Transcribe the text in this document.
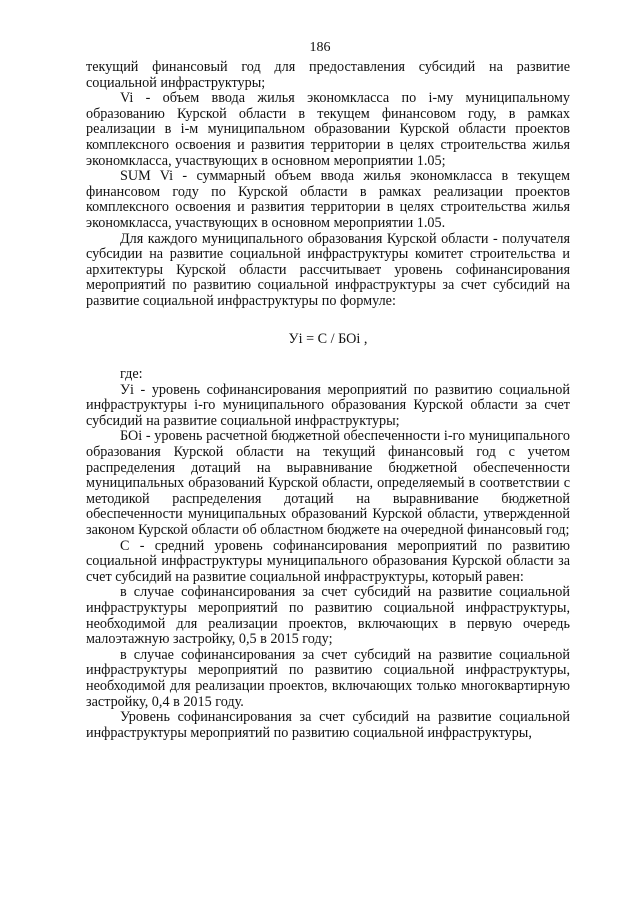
186

текущий финансовый год для предоставления субсидий на развитие социальной инфраструктуры;

Vi - объем ввода жилья экономкласса по i-му муниципальному образованию Курской области в текущем финансовом году, в рамках реализации в i-м муниципальном образовании Курской области проектов комплексного освоения и развития территории в целях строительства жилья экономкласса, участвующих в основном мероприятии 1.05;

SUM Vi - суммарный объем ввода жилья экономкласса в текущем финансовом году по Курской области в рамках реализации проектов комплексного освоения и развития территории в целях строительства жилья экономкласса, участвующих в основном мероприятии 1.05.

Для каждого муниципального образования Курской области - получателя субсидии на развитие социальной инфраструктуры комитет строительства и архитектуры Курской области рассчитывает уровень софинансирования мероприятий по развитию социальной инфраструктуры за счет субсидий на развитие социальной инфраструктуры по формуле:

Уi = С / БОi ,

где:

Уi - уровень софинансирования мероприятий по развитию социальной инфраструктуры i-го муниципального образования Курской области за счет субсидий на развитие социальной инфраструктуры;

БОi - уровень расчетной бюджетной обеспеченности i-го муниципального образования Курской области на текущий финансовый год с учетом распределения дотаций на выравнивание бюджетной обеспеченности муниципальных образований Курской области, определяемый в соответствии с методикой распределения дотаций на выравнивание бюджетной обеспеченности муниципальных образований Курской области, утвержденной законом Курской области об областном бюджете на очередной финансовый год;

С - средний уровень софинансирования мероприятий по развитию социальной инфраструктуры муниципального образования Курской области за счет субсидий на развитие социальной инфраструктуры, который равен:

в случае софинансирования за счет субсидий на развитие социальной инфраструктуры мероприятий по развитию социальной инфраструктуры, необходимой для реализации проектов, включающих в первую очередь малоэтажную застройку, 0,5 в 2015 году;

в случае софинансирования за счет субсидий на развитие социальной инфраструктуры мероприятий по развитию социальной инфраструктуры, необходимой для реализации проектов, включающих только многоквартирную застройку, 0,4 в 2015 году.

Уровень софинансирования за счет субсидий на развитие социальной инфраструктуры мероприятий по развитию социальной инфраструктуры,
